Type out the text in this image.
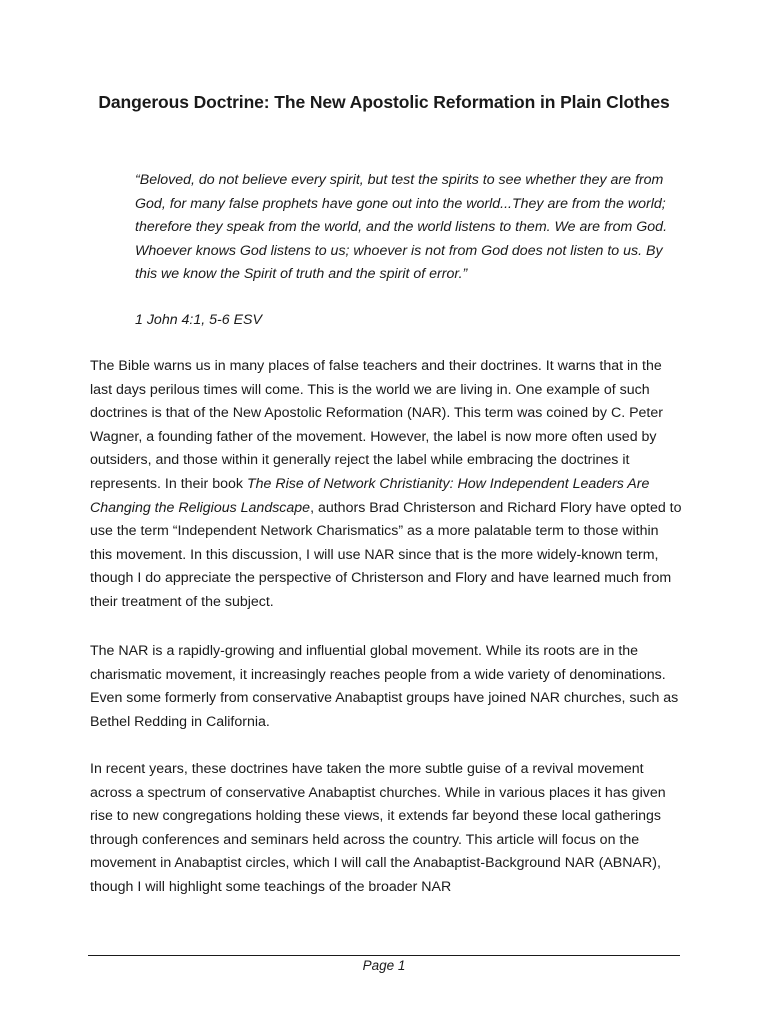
Dangerous Doctrine: The New Apostolic Reformation in Plain Clothes

“Beloved, do not believe every spirit, but test the spirits to see whether they are from God, for many false prophets have gone out into the world...They are from the world; therefore they speak from the world, and the world listens to them. We are from God. Whoever knows God listens to us; whoever is not from God does not listen to us. By this we know the Spirit of truth and the spirit of error.”

1 John 4:1, 5-6 ESV

The Bible warns us in many places of false teachers and their doctrines. It warns that in the last days perilous times will come. This is the world we are living in. One example of such doctrines is that of the New Apostolic Reformation (NAR). This term was coined by C. Peter Wagner, a founding father of the movement. However, the label is now more often used by outsiders, and those within it generally reject the label while embracing the doctrines it represents. In their book The Rise of Network Christianity: How Independent Leaders Are Changing the Religious Landscape, authors Brad Christerson and Richard Flory have opted to use the term “Independent Network Charismatics” as a more palatable term to those within this movement. In this discussion, I will use NAR since that is the more widely-known term, though I do appreciate the perspective of Christerson and Flory and have learned much from their treatment of the subject.

The NAR is a rapidly-growing and influential global movement. While its roots are in the charismatic movement, it increasingly reaches people from a wide variety of denominations. Even some formerly from conservative Anabaptist groups have joined NAR churches, such as Bethel Redding in California.

In recent years, these doctrines have taken the more subtle guise of a revival movement across a spectrum of conservative Anabaptist churches. While in various places it has given rise to new congregations holding these views, it extends far beyond these local gatherings through conferences and seminars held across the country. This article will focus on the movement in Anabaptist circles, which I will call the Anabaptist-Background NAR (ABNAR), though I will highlight some teachings of the broader NAR

Page 1
